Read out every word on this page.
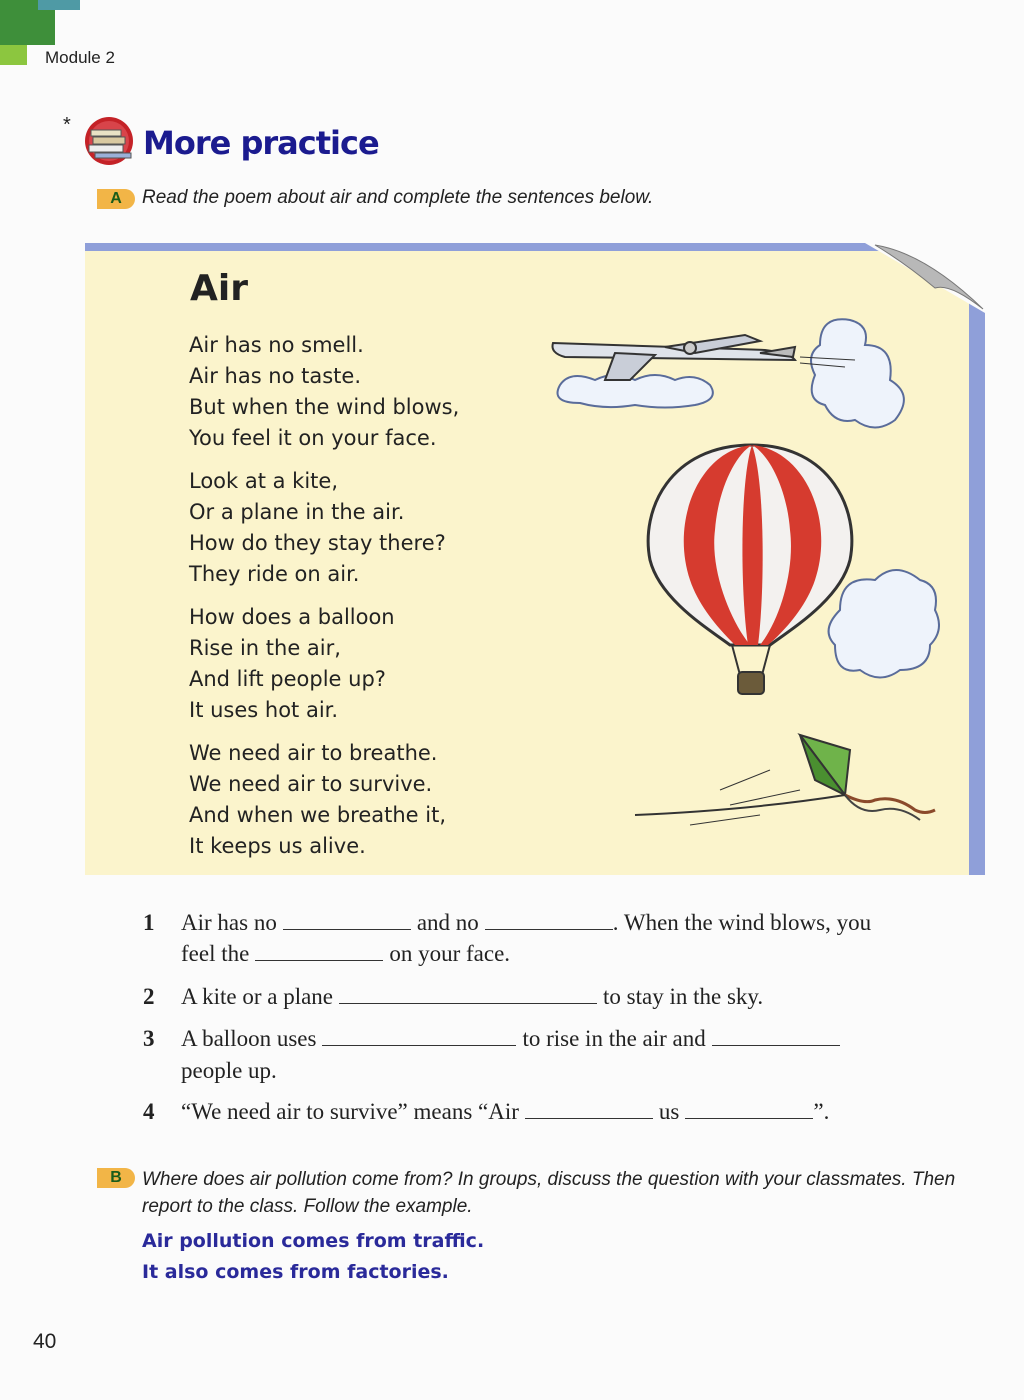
Module 2
* More practice
A	Read the poem about air and complete the sentences below.
Air
Air has no smell.
Air has no taste.
But when the wind blows,
You feel it on your face.
Look at a kite,
Or a plane in the air.
How do they stay there?
They ride on air.
How does a balloon
Rise in the air,
And lift people up?
It uses hot air.
We need air to breathe.
We need air to survive.
And when we breathe it,
It keeps us alive.
1 Air has no	and no	. When the wind blows, you
feel the	on your face.
2 A kite or a plane	to stay in the sky.
3 A balloon uses	to rise in the air and
people up.
4 “We need air to survive” means “Air	us	”.
B	Where does air pollution come from? In groups, discuss the question with your classmates. Then report to the class. Follow the example.
Air pollution comes from traffic.
It also comes from factories.
40
